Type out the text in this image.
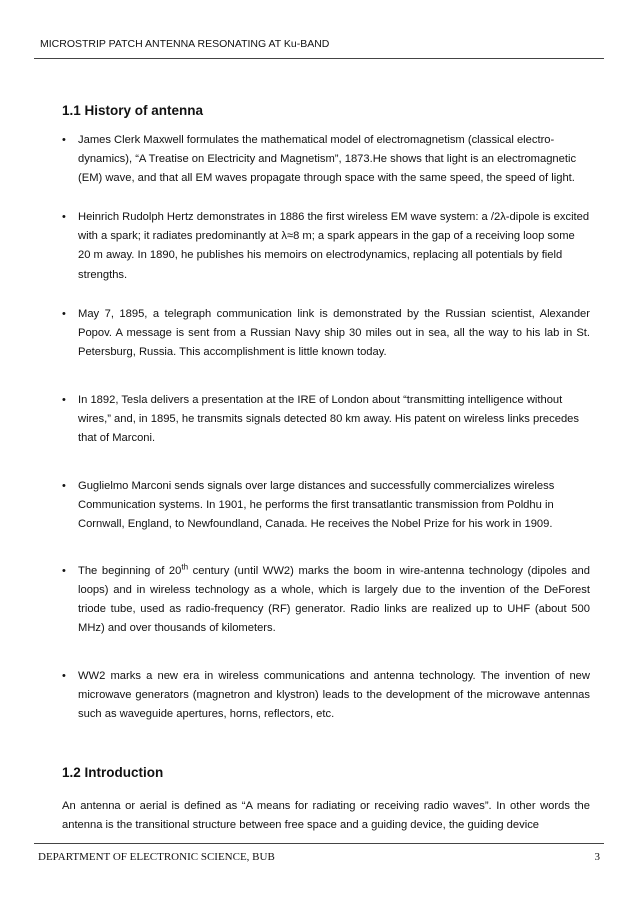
MICROSTRIP PATCH ANTENNA RESONATING AT Ku-BAND
1.1 History of antenna
• James Clerk Maxwell formulates the mathematical model of electromagnetism (classical electro-dynamics), “A Treatise on Electricity and Magnetism”, 1873.He shows that light is an electromagnetic (EM) wave, and that all EM waves propagate through space with the same speed, the speed of light.
• Heinrich Rudolph Hertz demonstrates in 1886 the first wireless EM wave system: a /2λ-dipole is excited with a spark; it radiates predominantly at λ≈8 m; a spark appears in the gap of a receiving loop some 20 m away. In 1890, he publishes his memoirs on electrodynamics, replacing all potentials by field strengths.
• May 7, 1895, a telegraph communication link is demonstrated by the Russian scientist, Alexander Popov. A message is sent from a Russian Navy ship 30 miles out in sea, all the way to his lab in St. Petersburg, Russia. This accomplishment is little known today.
• In 1892, Tesla delivers a presentation at the IRE of London about “transmitting intelligence without wires,” and, in 1895, he transmits signals detected 80 km away. His patent on wireless links precedes that of Marconi.
• Guglielmo Marconi sends signals over large distances and successfully commercializes wireless Communication systems. In 1901, he performs the first transatlantic transmission from Poldhu in Cornwall, England, to Newfoundland, Canada. He receives the Nobel Prize for his work in 1909.
• The beginning of 20th century (until WW2) marks the boom in wire-antenna technology (dipoles and loops) and in wireless technology as a whole, which is largely due to the invention of the DeForest triode tube, used as radio-frequency (RF) generator. Radio links are realized up to UHF (about 500 MHz) and over thousands of kilometers.
• WW2 marks a new era in wireless communications and antenna technology. The invention of new microwave generators (magnetron and klystron) leads to the development of the microwave antennas such as waveguide apertures, horns, reflectors, etc.
1.2 Introduction

An antenna or aerial is defined as “A means for radiating or receiving radio waves”. In other words the antenna is the transitional structure between free space and a guiding device, the guiding device

DEPARTMENT OF ELECTRONIC SCIENCE, BUB	3
